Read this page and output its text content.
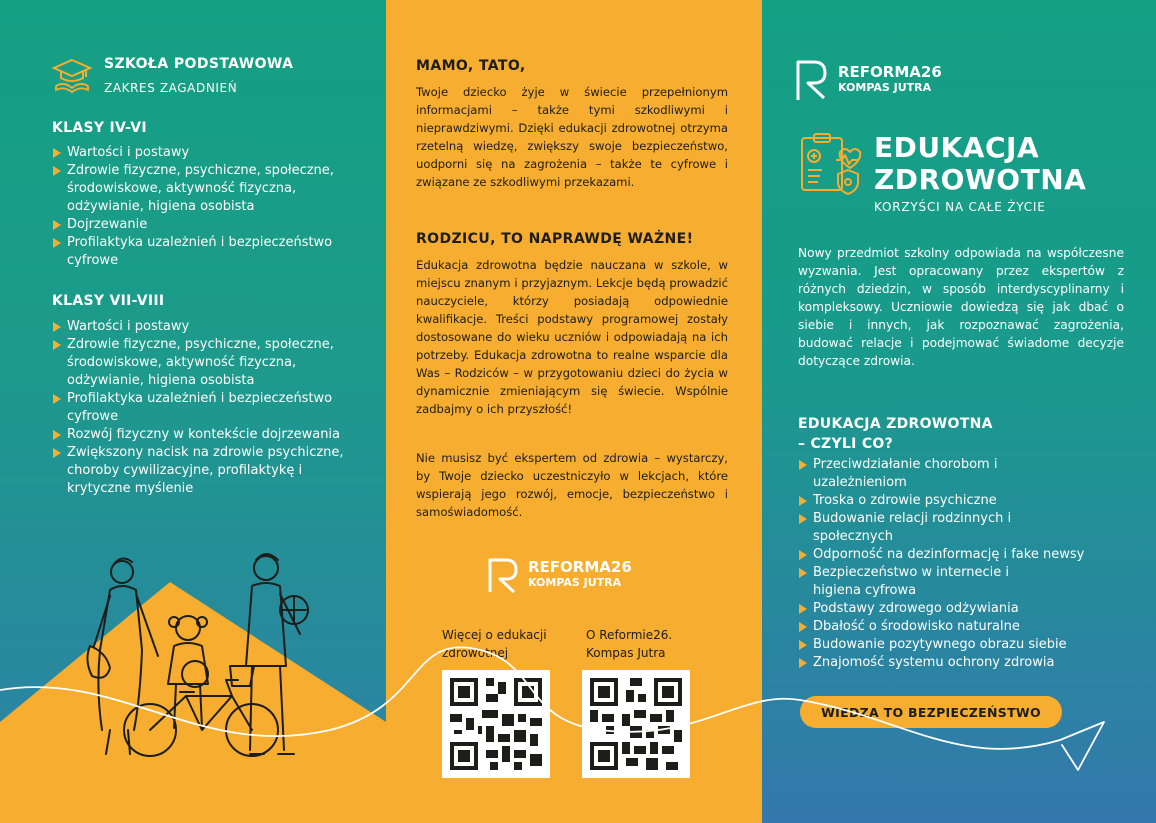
SZKOŁA PODSTAWOWA
ZAKRES ZAGADNIEŃ
KLASY IV-VI
Wartości i postawy
Zdrowie fizyczne, psychiczne, społeczne, środowiskowe, aktywność fizyczna, odżywianie, higiena osobista
Dojrzewanie
Profilaktyka uzależnień i bezpieczeństwo cyfrowe
KLASY VII-VIII
Wartości i postawy
Zdrowie fizyczne, psychiczne, społeczne, środowiskowe, aktywność fizyczna, odżywianie, higiena osobista
Profilaktyka uzależnień i bezpieczeństwo cyfrowe
Rozwój fizyczny w kontekście dojrzewania
Zwiększony nacisk na zdrowie psychiczne, choroby cywilizacyjne, profilaktykę i krytyczne myślenie
MAMO, TATO,

Twoje dziecko żyje w świecie przepełnionym informacjami – także tymi szkodliwymi i nieprawdziwymi. Dzięki edukacji zdrowotnej otrzyma rzetelną wiedzę, zwiększy swoje bezpieczeństwo, uodporni się na zagrożenia – także te cyfrowe i związane ze szkodliwymi przekazami.

RODZICU, TO NAPRAWDĘ WAŻNE!

Edukacja zdrowotna będzie nauczana w szkole, w miejscu znanym i przyjaznym. Lekcje będą prowadzić nauczyciele, którzy posiadają odpowiednie kwalifikacje. Treści podstawy programowej zostały dostosowane do wieku uczniów i odpowiadają na ich potrzeby. Edukacja zdrowotna to realne wsparcie dla Was – Rodziców – w przygotowaniu dzieci do życia w dynamicznie zmieniającym się świecie. Wspólnie zadbajmy o ich przyszłość!

Nie musisz być ekspertem od zdrowia – wystarczy, by Twoje dziecko uczestniczyło w lekcjach, które wspierają jego rozwój, emocje, bezpieczeństwo i samoświadomość.

REFORMA26
KOMPAS JUTRA
Więcej o edukacji zdrowotnej
O Reformie26. Kompas Jutra
REFORMA26
KOMPAS JUTRA
EDUKACJA
ZDROWOTNA
KORZYŚCI NA CAŁE ŻYCIE

Nowy przedmiot szkolny odpowiada na współczesne wyzwania. Jest opracowany przez ekspertów z różnych dziedzin, w sposób interdyscyplinarny i kompleksowy. Uczniowie dowiedzą się jak dbać o siebie i innych, jak rozpoznawać zagrożenia, budować relacje i podejmować świadome decyzje dotyczące zdrowia.

EDUKACJA ZDROWOTNA
– CZYLI CO?
Przeciwdziałanie chorobom i uzależnieniom
Troska o zdrowie psychiczne
Budowanie relacji rodzinnych i społecznych
Odporność na dezinformację i fake newsy
Bezpieczeństwo w internecie i higiena cyfrowa
Podstawy zdrowego odżywiania
Dbałość o środowisko naturalne
Budowanie pozytywnego obrazu siebie
Znajomość systemu ochrony zdrowia
WIEDZA TO BEZPIECZEŃSTWO
